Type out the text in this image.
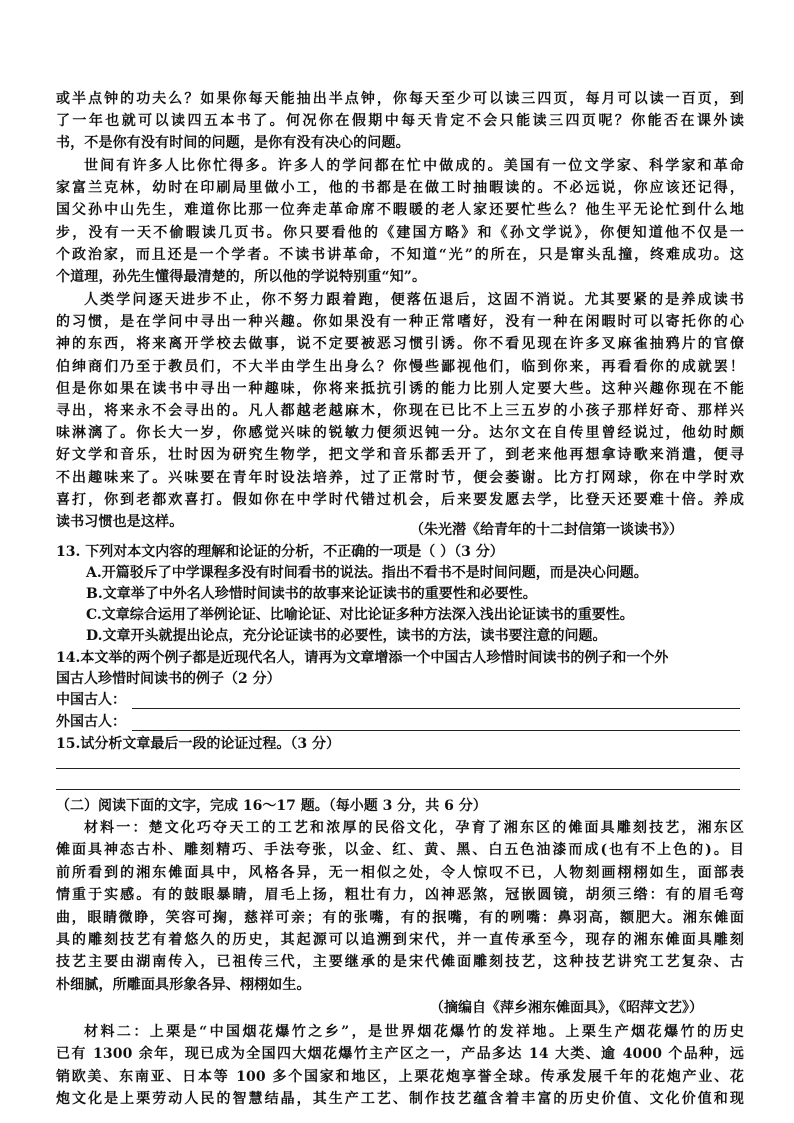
或半点钟的功夫么？如果你每天能抽出半点钟，你每天至少可以读三四页，每月可以读一百页，到
了一年也就可以读四五本书了。何况你在假期中每天肯定不会只能读三四页呢？你能否在课外读
书，不是你有没有时间的问题，是你有没有决心的问题。
世间有许多人比你忙得多。许多人的学问都在忙中做成的。美国有一位文学家、科学家和革命
家富兰克林，幼时在印刷局里做小工，他的书都是在做工时抽暇读的。不必远说，你应该还记得，
国父孙中山先生，难道你比那一位奔走革命席不暇暖的老人家还要忙些么？他生平无论忙到什么地
步，没有一天不偷暇读几页书。你只要看他的《建国方略》和《孙文学说》，你便知道他不仅是一
个政治家，而且还是一个学者。不读书讲革命，不知道“光”的所在，只是窜头乱撞，终难成功。这
个道理，孙先生懂得最清楚的，所以他的学说特别重“知”。
人类学问逐天进步不止，你不努力跟着跑，便落伍退后，这固不消说。尤其要紧的是养成读书
的习惯，是在学问中寻出一种兴趣。你如果没有一种正常嗜好，没有一种在闲暇时可以寄托你的心
神的东西，将来离开学校去做事，说不定要被恶习惯引诱。你不看见现在许多叉麻雀抽鸦片的官僚
伯绅商们乃至于教员们，不大半由学生出身么？你慢些鄙视他们，临到你来，再看看你的成就罢！
但是你如果在读书中寻出一种趣味，你将来抵抗引诱的能力比别人定要大些。这种兴趣你现在不能
寻出，将来永不会寻出的。凡人都越老越麻木，你现在已比不上三五岁的小孩子那样好奇、那样兴
味淋漓了。你长大一岁，你感觉兴味的锐敏力便须迟钝一分。达尔文在自传里曾经说过，他幼时颇
好文学和音乐，壮时因为研究生物学，把文学和音乐都丢开了，到老来他再想拿诗歌来消遣，便寻
不出趣味来了。兴味要在青年时设法培养，过了正常时节，便会萎谢。比方打网球，你在中学时欢
喜打，你到老都欢喜打。假如你在中学时代错过机会，后来要发愿去学，比登天还要难十倍。养成
读书习惯也是这样。	（朱光潜《给青年的十二封信第一谈读书》）
13. 下列对本文内容的理解和论证的分析，不正确的一项是（ ）（3 分）
A.开篇驳斥了中学课程多没有时间看书的说法。指出不看书不是时间问题，而是决心问题。
B.文章举了中外名人珍惜时间读书的故事来论证读书的重要性和必要性。
C.文章综合运用了举例论证、比喻论证、对比论证多种方法深入浅出论证读书的重要性。
D.文章开头就提出论点，充分论证读书的必要性，读书的方法，读书要注意的问题。
14.本文举的两个例子都是近现代名人，请再为文章增添一个中国古人珍惜时间读书的例子和一个外
国古人珍惜时间读书的例子（2 分）
中国古人：
外国古人：
15.试分析文章最后一段的论证过程。（3 分）
（二）阅读下面的文字，完成 16～17 题。（每小题 3 分，共 6 分）
材料一：楚文化巧夺天工的工艺和浓厚的民俗文化，孕育了湘东区的傩面具雕刻技艺，湘东区
傩面具神态古朴、雕刻精巧、手法夸张，以金、红、黄、黑、白五色油漆而成(也有不上色的)。目
前所看到的湘东傩面具中，风格各异，无一相似之处，令人惊叹不已，人物刻画栩栩如生，面部表
情重于实感。有的鼓眼暴睛，眉毛上扬，粗壮有力，凶神恶煞，冠嵌圆镜，胡须三绺：有的眉毛弯
曲，眼睛微睁，笑容可掬，慈祥可亲；有的张嘴，有的抿嘴，有的咧嘴：鼻羽高，额肥大。湘东傩面
具的雕刻技艺有着悠久的历史，其起源可以追溯到宋代，并一直传承至今，现存的湘东傩面具雕刻
技艺主要由湖南传入，已祖传三代，主要继承的是宋代傩面雕刻技艺，这种技艺讲究工艺复杂、古
朴细腻，所雕面具形象各异、栩栩如生。
（摘编自《萍乡湘东傩面具》，《昭萍文艺》）
材料二：上栗是“中国烟花爆竹之乡”，是世界烟花爆竹的发祥地。上栗生产烟花爆竹的历史
已有 1300 余年，现已成为全国四大烟花爆竹主产区之一，产品多达 14 大类、逾 4000 个品种，远
销欧美、东南亚、日本等 100 多个国家和地区，上栗花炮享誉全球。传承发展千年的花炮产业、花
炮文化是上栗劳动人民的智慧结晶，其生产工艺、制作技艺蕴含着丰富的历史价值、文化价值和现
